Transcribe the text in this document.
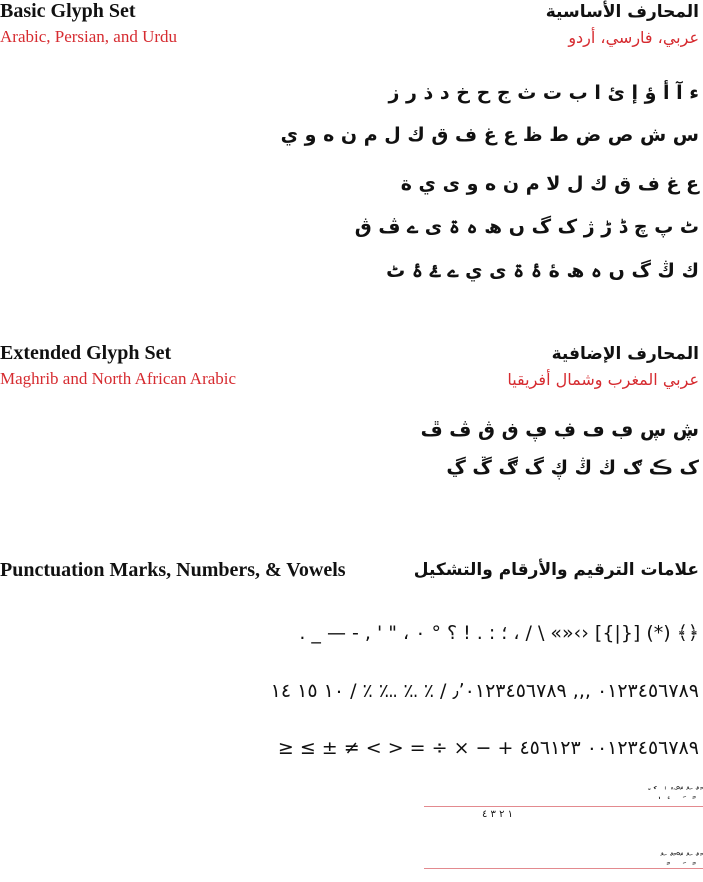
Basic Glyph Set
Arabic, Persian, and Urdu
المحارف الأساسية
عربي، فارسي، أردو
ء آ أ ؤ إ ئ ا ب ت ث ج ح خ د ذ ر ز
س ش ص ض ط ظ ع غ ف ق ك ل م ن ه و ي
ع غ ف ق ك ل لا م ن ه و ى ي ة
ٹ پ چ ڈ ڑ ژ ک گ ں ھ ہ ۃ ی ے ڤ ڨ
ك ڭ گ ں ہ ھ ۀ ۂ ۃ ی ي ے ۓ ۂ ٹ
Extended Glyph Set
Maghrib and North African Arabic
المحارف الإضافية
عربي المغرب وشمال أفريقيا
ڜ ڛ ڢ ڡ ڣ ڥ ڧ ڨ ڤ ڦ
ک ڪ ګ ڬ ڭ ڮ گ ڰ ڱ ڲ
Punctuation Marks, Numbers, & Vowels	علامات الترقيم والأرقام والتشكيل
﴿﴾ (*) [{|}] ‹›«» \ / ، ؛ : . ! ؟ ° ٠ ، " ' , - — _ .
٠١٢٣٤٥٦٧٨٩ ,,, ٫٬٠١٢٣٤٥٦٧٨٩ / ٪ ؉ ؊ ٪ / ١٠ ١٥ ١٤
٠٠١٢٣٤٥٦٧٨٩ ٤٥٦١٢٣ + − × ÷ = < > ≠ ± ≥ ≤
ً ٌ ٍ َ ُ ِ ّ ْ ٓ ٔ ٕ ٰ ٖ ٗ ٘
١ ٢ ٣ ٤
ً ٌ ٍ َ ُ ِ ّ ْ ً ٌ ٍ َ ُ
